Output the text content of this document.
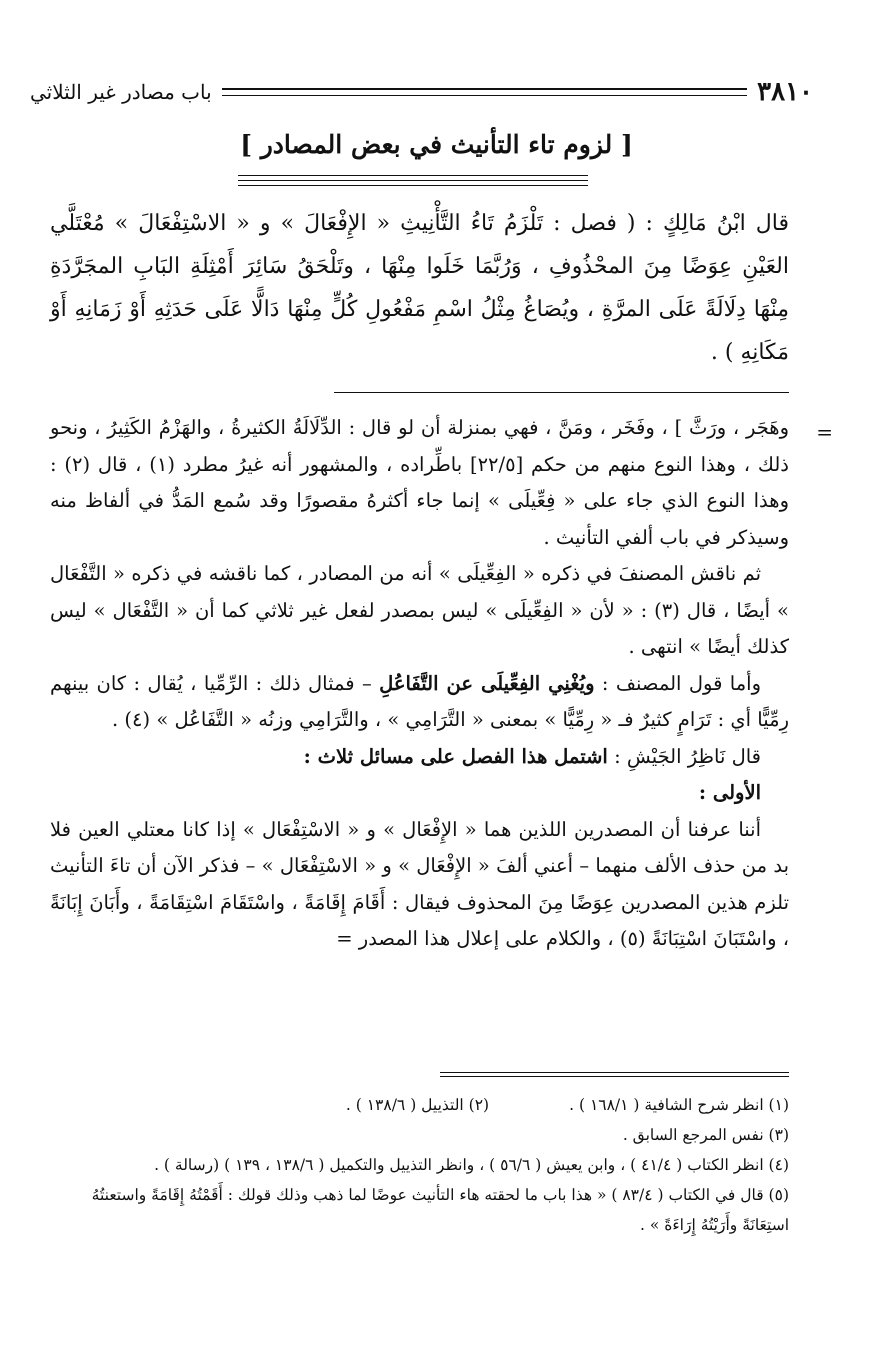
٣٨١٠
باب مصادر غير الثلاثي
[ لزوم تاء التأنيث في بعض المصادر ]
قال ابْنُ مَالِكٍ : ( فصل : تَلْزَمُ تَاءُ التَّأْنِيثِ « الإِفْعَالَ » و « الاسْتِفْعَالَ » مُعْتَلَّي العَيْنِ عِوَضًا مِنَ المحْذُوفِ ، وَرُبَّمَا خَلَوا مِنْهَا ، وتَلْحَقُ سَائِرَ أَمْثِلَةِ البَابِ المجَرَّدَةِ مِنْهَا دِلَالَةً عَلَى المرَّةِ ، ويُصَاغُ مِثْلُ اسْمِ مَفْعُولِ كُلٍّ مِنْهَا دَالًّا عَلَى حَدَثِهِ أَوْ زَمَانِهِ أَوْ مَكَانِهِ ) .
=

وهَجَر ، ورَثَّ ] ، وفَخَر ، ومَنَّ ، فهي بمنزلة أن لو قال : الدِّلَالَةُ الكثيرةُ ، والهَزْمُ الكَثِيرُ ، ونحو ذلك ، وهذا النوع منهم من حكم [٢٢/٥] باطِّراده ، والمشهور أنه غيرُ مطرد (١) ، قال (٢) : وهذا النوع الذي جاء على « فِعِّيلَى » إنما جاء أكثرهُ مقصورًا وقد سُمع المَدُّ في ألفاظ منه وسيذكر في باب ألفي التأنيث .

ثم ناقش المصنفَ في ذكره « الفِعِّيلَى » أنه من المصادر ، كما ناقشه في ذكره « التَّفْعَال » أيضًا ، قال (٣) : « لأن « الفِعِّيلَى » ليس بمصدر لفعل غير ثلاثي كما أن « التَّفْعَال » ليس كذلك أيضًا » انتهى .

وأما قول المصنف : ويُغْنِي الفِعِّيلَى عن التَّفَاعُلِ – فمثال ذلك : الرِّمِّيا ، يُقال : كان بينهم رِمِّيًّا أي : تَرَامٍ كثيرٌ فـ « رِمِّيًّا » بمعنى « التَّرَامِي » ، والتَّرَامِي وزنُه « التَّفَاعُل » (٤) .

قال نَاظِرُ الجَيْشِ : اشتمل هذا الفصل على مسائل ثلاث :

الأولى :

أننا عرفنا أن المصدرين اللذين هما « الإِفْعَال » و « الاسْتِفْعَال » إذا كانا معتلي العين فلا بد من حذف الألف منهما – أعني ألفَ « الإِفْعَال » و « الاسْتِفْعَال » – فذكر الآن أن تاءَ التأنيث تلزم هذين المصدرين عِوَضًا مِنَ المحذوف فيقال : أَقَامَ إِقَامَةً ، واسْتَقَامَ اسْتِقَامَةً ، وأَبَانَ إِبَانَةً ، واسْتَبَانَ اسْتِبَانَةً (٥) ، والكلام على إعلال هذا المصدر =

(١) انظر شرح الشافية ( ١٦٨/١ ) .
(٢) التذييل ( ١٣٨/٦ ) .

(٣) نفس المرجع السابق .

(٤) انظر الكتاب ( ٤١/٤ ) ، وابن يعيش ( ٥٦/٦ ) ، وانظر التذييل والتكميل ( ١٣٨/٦ ، ١٣٩ ) (رسالة ) .

(٥) قال في الكتاب ( ٨٣/٤ ) « هذا باب ما لحقته هاء التأنيث عوضًا لما ذهب وذلك قولك : أَقَمْتُهُ إِقَامَةً واستعنتُهُ استِعَانَةً وأَرَيْتُهُ إِرَاءَةً » .
